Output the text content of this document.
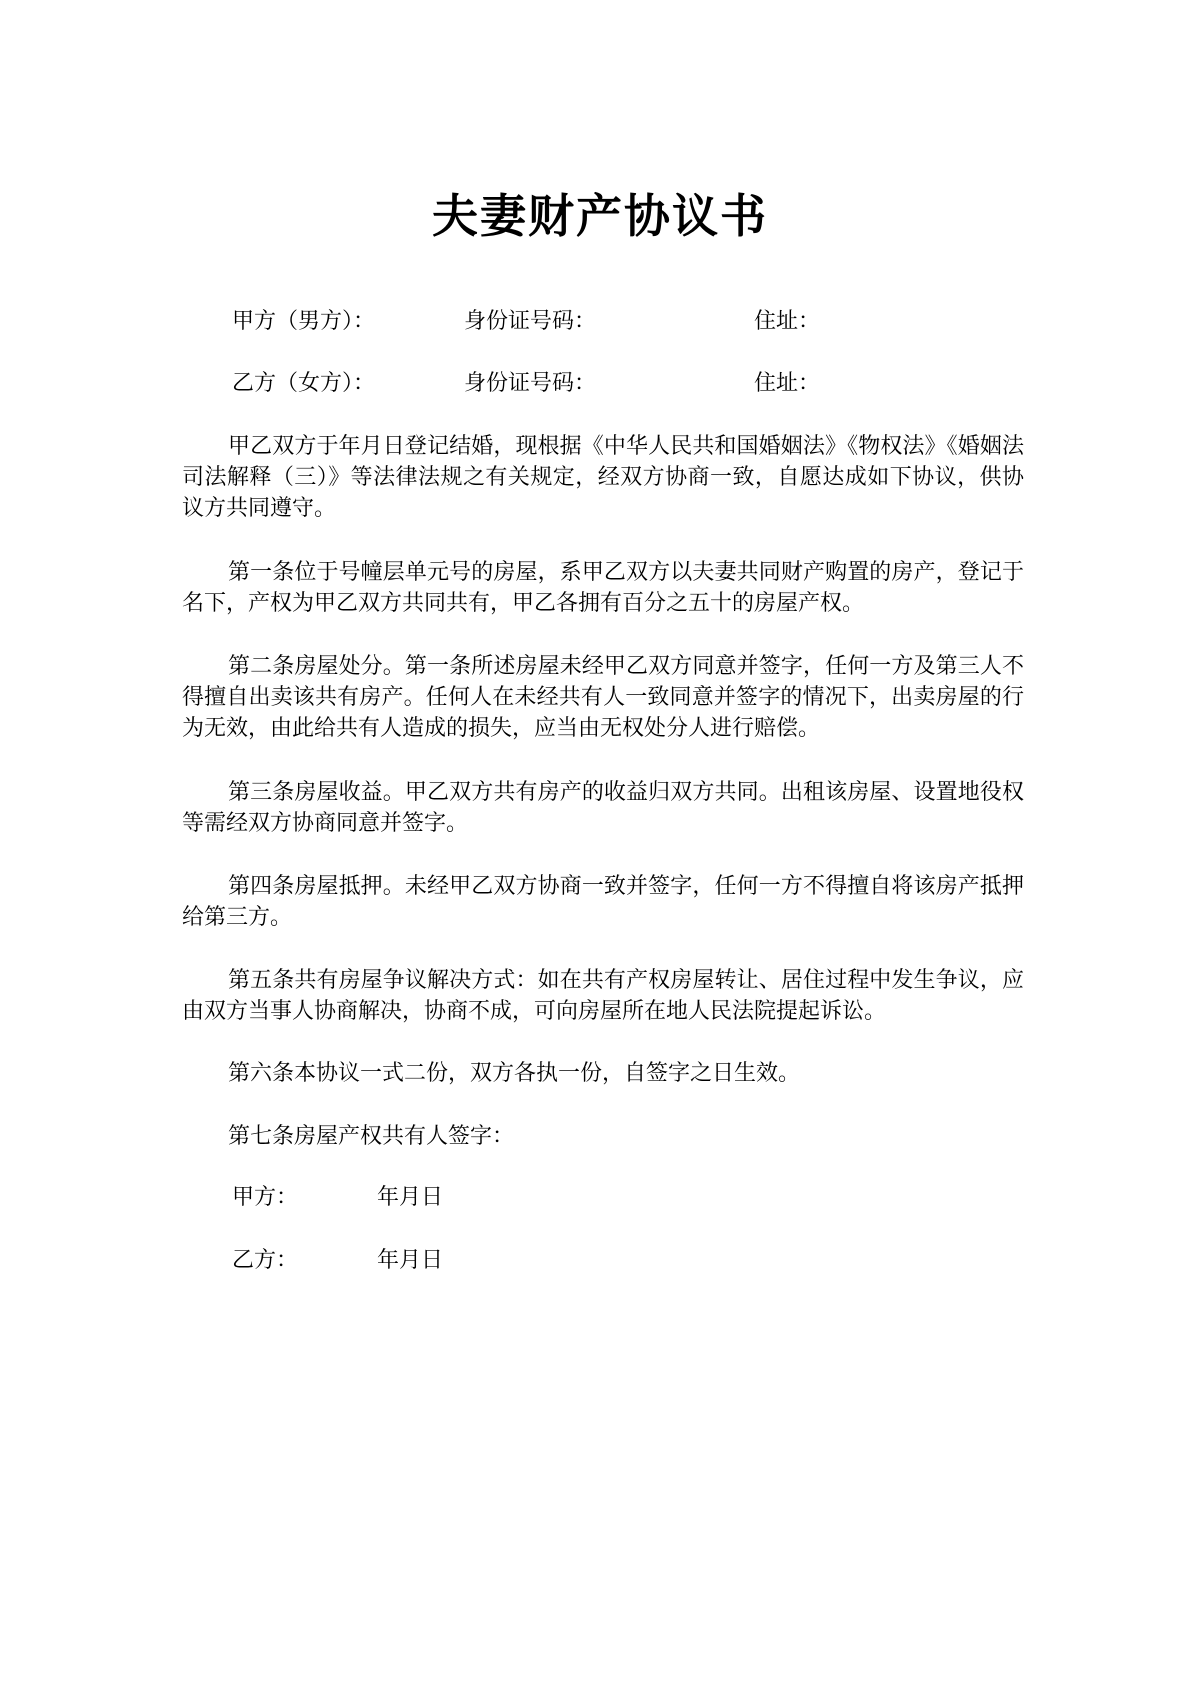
夫妻财产协议书
甲方（男方）：	身份证号码：	住址：
乙方（女方）：	身份证号码：	住址：

甲乙双方于年月日登记结婚，现根据《中华人民共和国婚姻法》《物权法》《婚姻法司法解释（三）》等法律法规之有关规定，经双方协商一致，自愿达成如下协议，供协议方共同遵守。

第一条位于号幢层单元号的房屋，系甲乙双方以夫妻共同财产购置的房产，登记于名下，产权为甲乙双方共同共有，甲乙各拥有百分之五十的房屋产权。

第二条房屋处分。第一条所述房屋未经甲乙双方同意并签字，任何一方及第三人不得擅自出卖该共有房产。任何人在未经共有人一致同意并签字的情况下，出卖房屋的行为无效，由此给共有人造成的损失，应当由无权处分人进行赔偿。

第三条房屋收益。甲乙双方共有房产的收益归双方共同。出租该房屋、设置地役权等需经双方协商同意并签字。

第四条房屋抵押。未经甲乙双方协商一致并签字，任何一方不得擅自将该房产抵押给第三方。

第五条共有房屋争议解决方式：如在共有产权房屋转让、居住过程中发生争议，应由双方当事人协商解决，协商不成，可向房屋所在地人民法院提起诉讼。

第六条本协议一式二份，双方各执一份，自签字之日生效。

第七条房屋产权共有人签字：

甲方：	年月日
乙方：	年月日
